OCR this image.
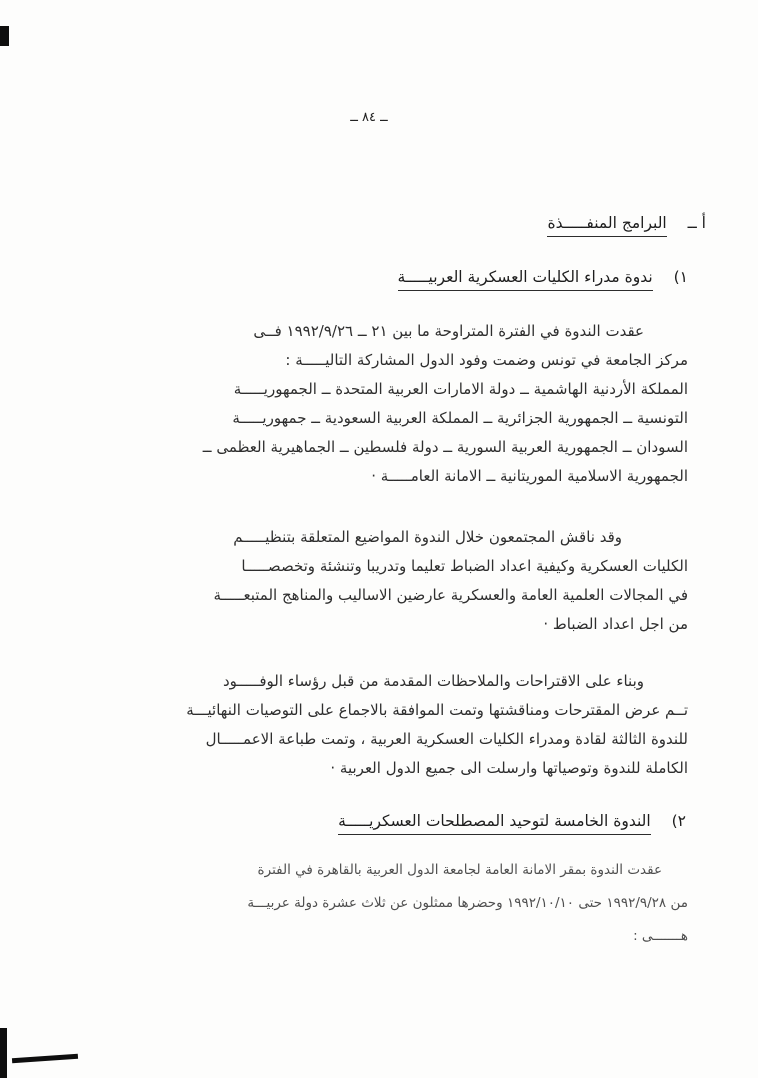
ــ ٨٤ ــ
أ ــ البرامج المنفـــــذة
١) ندوة مدراء الكليات العسكرية العربيـــــة
عقدت الندوة في الفترة المتراوحة ما بين ٢١ ــ ١٩٩٢/٩/٢٦ فــى
مركز الجامعة في تونس وضمت وفود الدول المشاركة التاليـــــة :
المملكة الأردنية الهاشمية ــ دولة الامارات العربية المتحدة ــ الجمهوريـــــة
التونسية ــ الجمهورية الجزائرية ــ المملكة العربية السعودية ــ جمهوريـــــة
السودان ــ الجمهورية العربية السورية ــ دولة فلسطين ــ الجماهيرية العظمى ــ
الجمهورية الاسلامية الموريتانية ــ الامانة العامـــــة ·
وقد ناقش المجتمعون خلال الندوة المواضيع المتعلقة بتنظيـــــم
الكليات العسكرية وكيفية اعداد الضباط تعليما وتدريبا وتنشئة وتخصصـــــا
في المجالات العلمية العامة والعسكرية عارضين الاساليب والمناهج المتبعـــــة
من اجل اعداد الضباط ·
وبناء على الاقتراحات والملاحظات المقدمة من قبل رؤساء الوفـــــود
تــم عرض المقترحات ومناقشتها وتمت الموافقة بالاجماع على التوصيات النهائيـــة
للندوة الثالثة لقادة ومدراء الكليات العسكرية العربية ، وتمت طباعة الاعمـــــال
الكاملة للندوة وتوصياتها وارسلت الى جميع الدول العربية ·
٢) الندوة الخامسة لتوحيد المصطلحات العسكريـــــة
عقدت الندوة بمقر الامانة العامة لجامعة الدول العربية بالقاهرة في الفترة
من ١٩٩٢/٩/٢٨ حتى ١٩٩٢/١٠/١٠ وحضرها ممثلون عن ثلاث عشرة دولة عربيـــة
هـــــــى :
